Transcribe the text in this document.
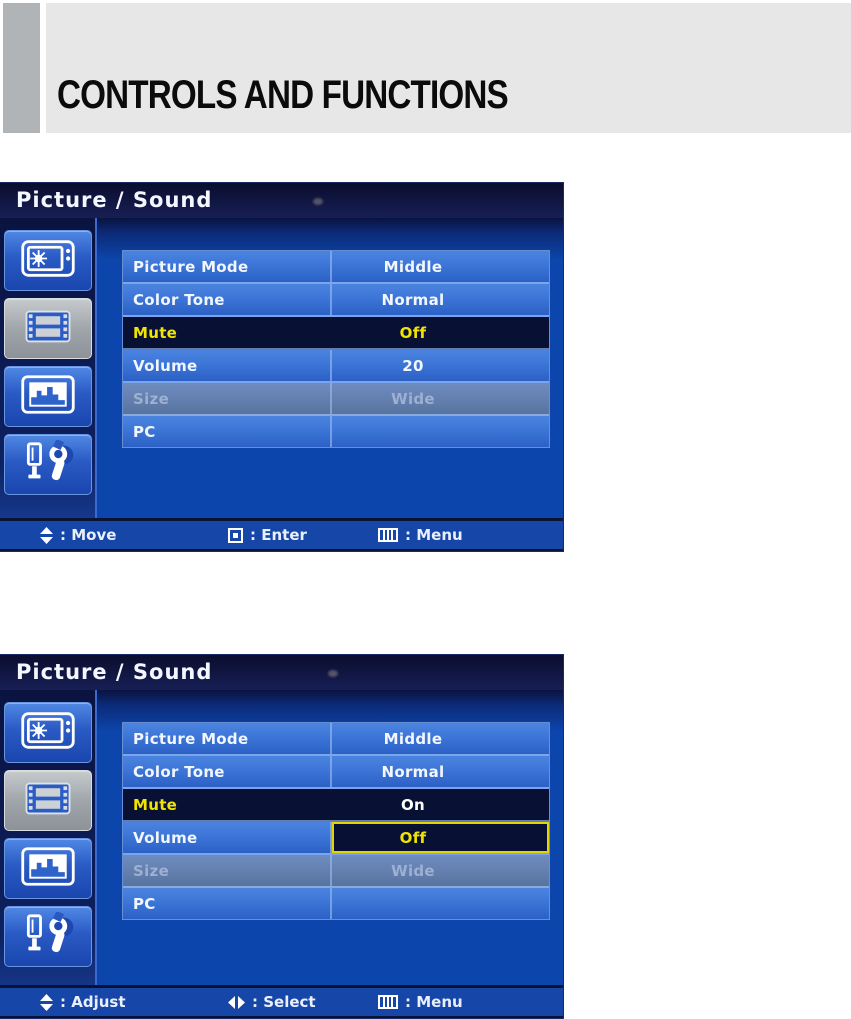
CONTROLS AND FUNCTIONS
Picture / Sound
Picture Mode	Middle
Color Tone	Normal
Mute	Off
Volume	20
Size	Wide
PC
: Move	: Enter	: Menu
Picture / Sound
Picture Mode	Middle
Color Tone	Normal
Mute	On
Volume	Off
Size	Wide
PC
: Adjust	: Select	: Menu
